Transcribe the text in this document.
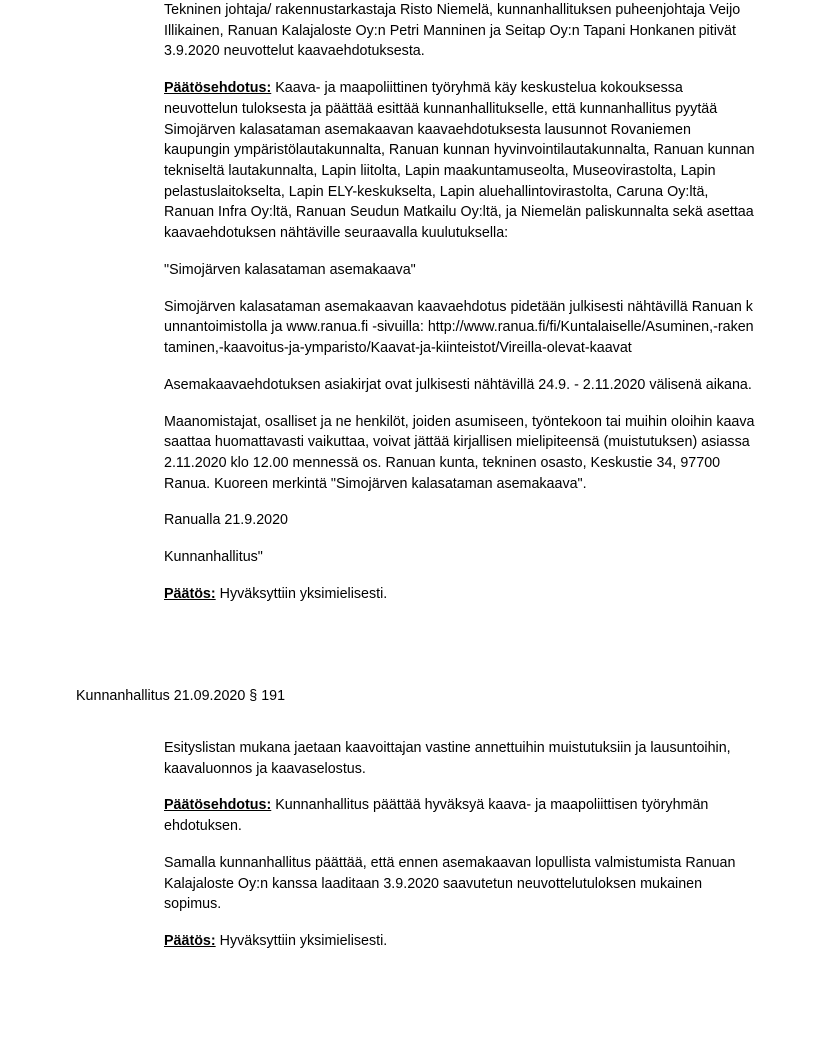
Tekninen johtaja/ rakennustarkastaja Risto Niemelä, kunnanhallituksen puheenjohtaja Veijo Illikainen, Ranuan Kalajaloste Oy:n Petri Manninen ja Seitap Oy:n Tapani Honkanen pitivät 3.9.2020 neuvottelut kaavaehdotuksesta.

Päätösehdotus: Kaava- ja maapoliittinen työryhmä käy keskustelua kokouksessa neuvottelun tuloksesta ja päättää esittää kunnanhallitukselle, että kunnanhallitus pyytää Simojärven kalasataman asemakaavan kaavaehdotuksesta lausunnot Rovaniemen kaupungin ympäristölautakunnalta, Ranuan kunnan hyvinvointilautakunnalta, Ranuan kunnan tekniseltä lautakunnalta, Lapin liitolta, Lapin maakuntamuseolta, Museovirastolta, Lapin pelastuslaitokselta, Lapin ELY-keskukselta, Lapin aluehallintovirastolta, Caruna Oy:ltä, Ranuan Infra Oy:ltä, Ranuan Seudun Matkailu Oy:ltä, ja Niemelän paliskunnalta sekä asettaa kaavaehdotuksen nähtäville seuraavalla kuulutuksella:

"Simojärven kalasataman asemakaava"

Simojärven kalasataman asemakaavan kaavaehdotus pidetään julkisesti nähtävillä Ranuan kunnantoimistolla ja www.ranua.fi -sivuilla: http://www.ranua.fi/fi/Kuntalaiselle/Asuminen,-rakentaminen,-kaavoitus-ja-ymparisto/Kaavat-ja-kiinteistot/Vireilla-olevat-kaavat

Asemakaavaehdotuksen asiakirjat ovat julkisesti nähtävillä 24.9. - 2.11.2020 välisenä aikana.

Maanomistajat, osalliset ja ne henkilöt, joiden asumiseen, työntekoon tai muihin oloihin kaava saattaa huomattavasti vaikuttaa, voivat jättää kirjallisen mielipiteensä (muistutuksen) asiassa 2.11.2020 klo 12.00 mennessä os. Ranuan kunta, tekninen osasto, Keskustie 34, 97700 Ranua. Kuoreen merkintä "Simojärven kalasataman asemakaava".

Ranualla 21.9.2020

Kunnanhallitus"

Päätös: Hyväksyttiin yksimielisesti.

Kunnanhallitus 21.09.2020 § 191

Esityslistan mukana jaetaan kaavoittajan vastine annettuihin muistutuksiin ja lausuntoihin, kaavaluonnos ja kaavaselostus.

Päätösehdotus: Kunnanhallitus päättää hyväksyä kaava- ja maapoliittisen työryhmän ehdotuksen.

Samalla kunnanhallitus päättää, että ennen asemakaavan lopullista valmistumista Ranuan Kalajaloste Oy:n kanssa laaditaan 3.9.2020 saavutetun neuvottelutuloksen mukainen sopimus.

Päätös: Hyväksyttiin yksimielisesti.
